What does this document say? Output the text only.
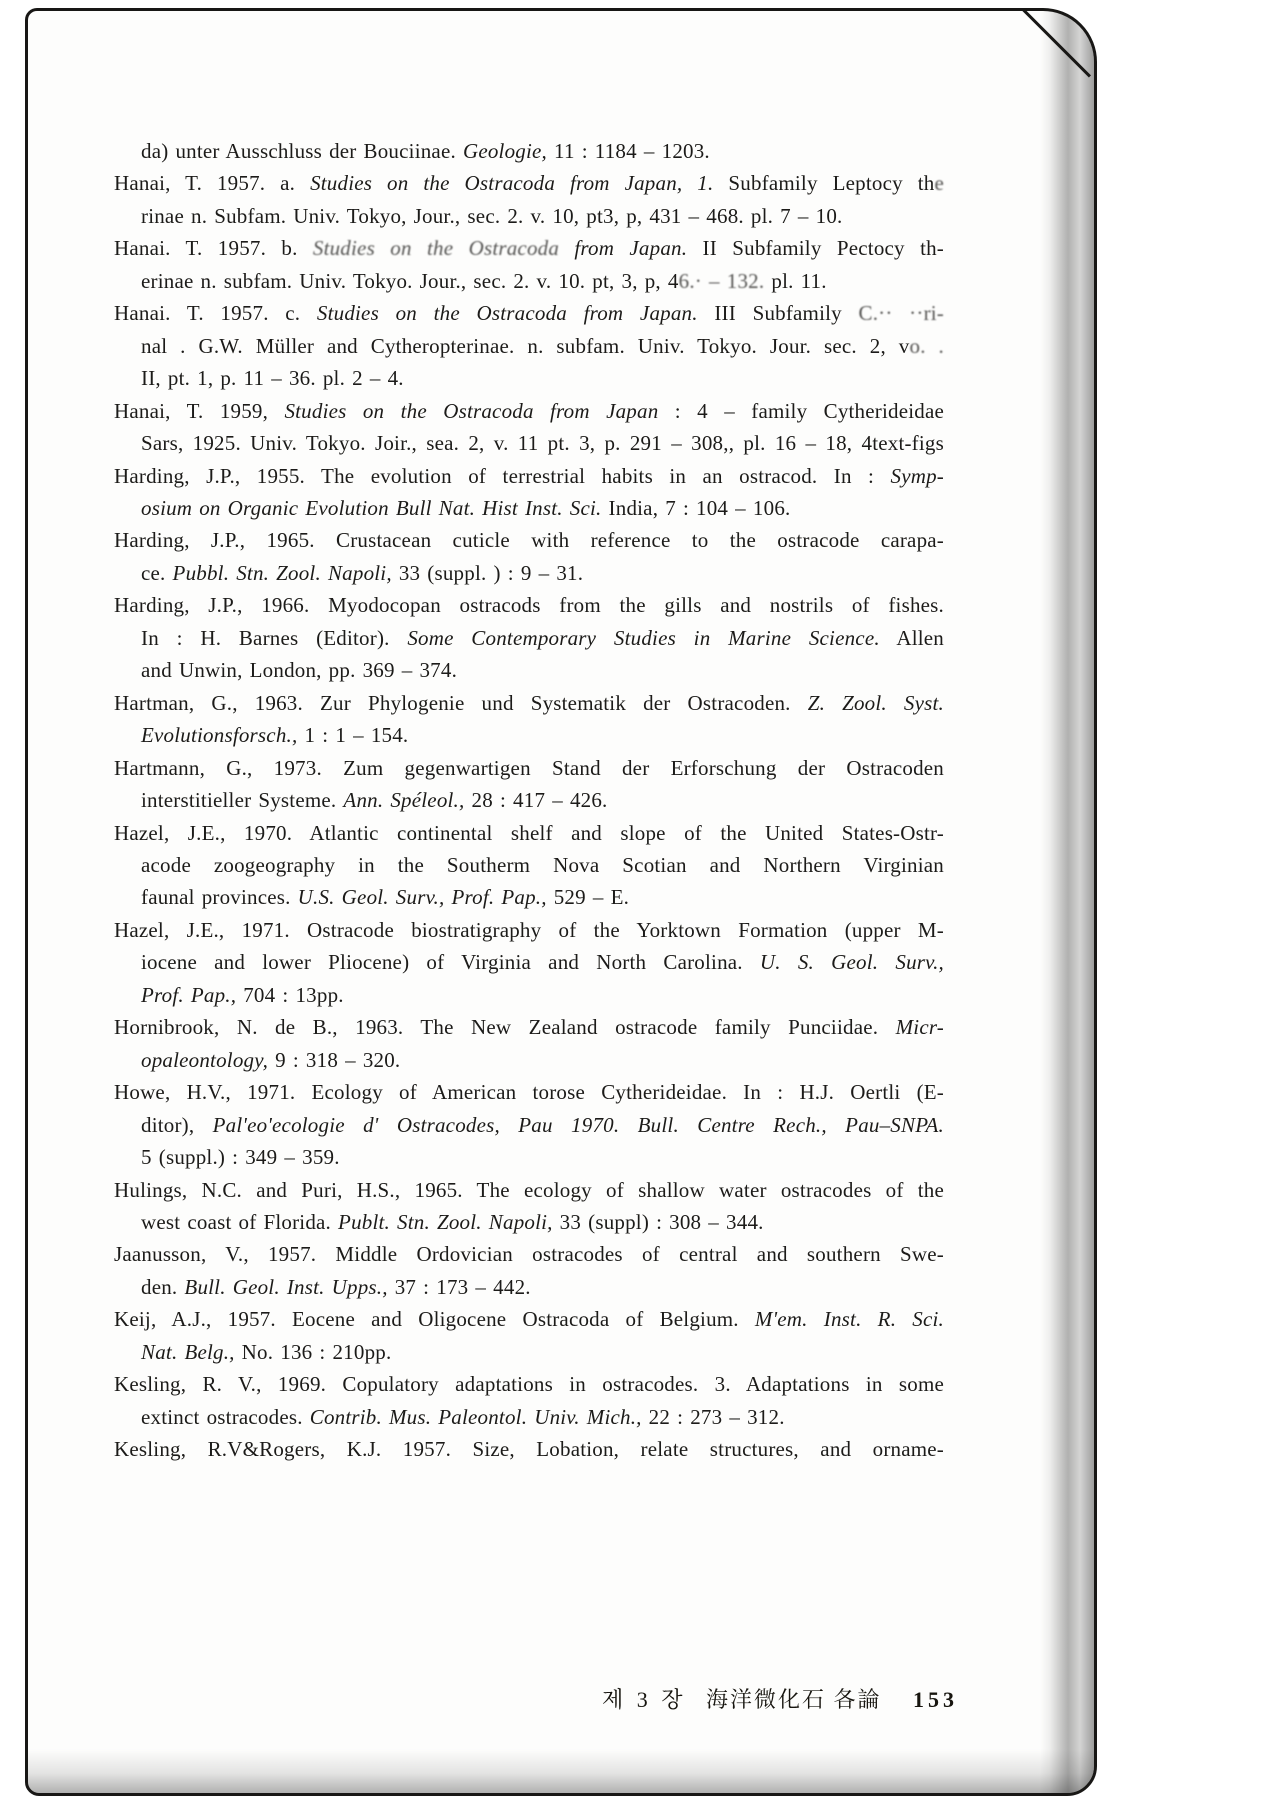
da) unter Ausschluss der Bouciinae. Geologie, 11 : 1184 – 1203.
Hanai, T. 1957. a. Studies on the Ostracoda from Japan, 1. Subfamily Leptocy the
rinae n. Subfam. Univ. Tokyo, Jour., sec. 2. v. 10, pt3, p, 431 – 468. pl. 7 – 10.
Hanai. T. 1957. b. Studies on the Ostracoda from Japan. II Subfamily Pectocy th-
erinae n. subfam. Univ. Tokyo. Jour., sec. 2. v. 10. pt, 3, p, 46.· – 132. pl. 11.
Hanai. T. 1957. c. Studies on the Ostracoda from Japan. III Subfamily C.·· ··ri-
nal . G.W. Müller and Cytheropterinae. n. subfam. Univ. Tokyo. Jour. sec. 2, vo. .
II, pt. 1, p. 11 – 36. pl. 2 – 4.
Hanai, T. 1959, Studies on the Ostracoda from Japan : 4 – family Cytherideidae
Sars, 1925. Univ. Tokyo. Joir., sea. 2, v. 11 pt. 3, p. 291 – 308,, pl. 16 – 18, 4text-figs
Harding, J.P., 1955. The evolution of terrestrial habits in an ostracod. In : Symp-
osium on Organic Evolution Bull Nat. Hist Inst. Sci. India, 7 : 104 – 106.
Harding, J.P., 1965. Crustacean cuticle with reference to the ostracode carapa-
ce. Pubbl. Stn. Zool. Napoli, 33 (suppl. ) : 9 – 31.
Harding, J.P., 1966. Myodocopan ostracods from the gills and nostrils of fishes.
In : H. Barnes (Editor). Some Contemporary Studies in Marine Science. Allen
and Unwin, London, pp. 369 – 374.
Hartman, G., 1963. Zur Phylogenie und Systematik der Ostracoden. Z. Zool. Syst.
Evolutionsforsch., 1 : 1 – 154.
Hartmann, G., 1973. Zum gegenwartigen Stand der Erforschung der Ostracoden
interstitieller Systeme. Ann. Spéleol., 28 : 417 – 426.
Hazel, J.E., 1970. Atlantic continental shelf and slope of the United States-Ostr-
acode zoogeography in the Southerm Nova Scotian and Northern Virginian
faunal provinces. U.S. Geol. Surv., Prof. Pap., 529 – E.
Hazel, J.E., 1971. Ostracode biostratigraphy of the Yorktown Formation (upper M-
iocene and lower Pliocene) of Virginia and North Carolina. U. S. Geol. Surv.,
Prof. Pap., 704 : 13pp.
Hornibrook, N. de B., 1963. The New Zealand ostracode family Punciidae. Micr-
opaleontology, 9 : 318 – 320.
Howe, H.V., 1971. Ecology of American torose Cytherideidae. In : H.J. Oertli (E-
ditor), Pal'eo'ecologie d' Ostracodes, Pau 1970. Bull. Centre Rech., Pau–SNPA.
5 (suppl.) : 349 – 359.
Hulings, N.C. and Puri, H.S., 1965. The ecology of shallow water ostracodes of the
west coast of Florida. Publt. Stn. Zool. Napoli, 33 (suppl) : 308 – 344.
Jaanusson, V., 1957. Middle Ordovician ostracodes of central and southern Swe-
den. Bull. Geol. Inst. Upps., 37 : 173 – 442.
Keij, A.J., 1957. Eocene and Oligocene Ostracoda of Belgium. M'em. Inst. R. Sci.
Nat. Belg., No. 136 : 210pp.
Kesling, R. V., 1969. Copulatory adaptations in ostracodes. 3. Adaptations in some
extinct ostracodes. Contrib. Mus. Paleontol. Univ. Mich., 22 : 273 – 312.
Kesling, R.V&Rogers, K.J. 1957. Size, Lobation, relate structures, and orname-
제 3 장 海洋微化石 各論 153
